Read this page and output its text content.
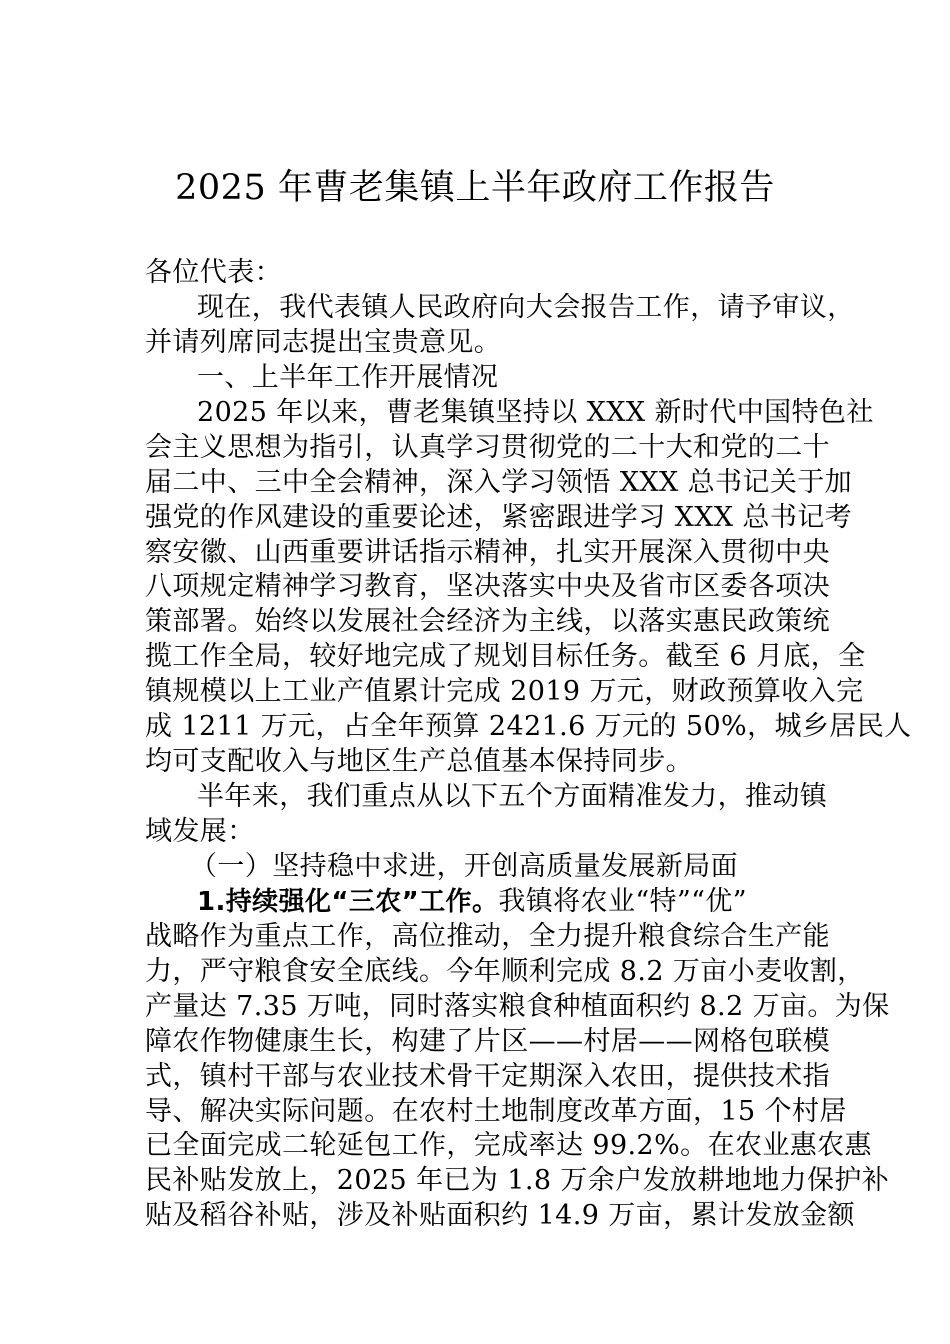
2025 年曹老集镇上半年政府工作报告
各位代表：
现在，我代表镇人民政府向大会报告工作，请予审议，
并请列席同志提出宝贵意见。
一、上半年工作开展情况
2025 年以来，曹老集镇坚持以 XXX 新时代中国特色社
会主义思想为指引，认真学习贯彻党的二十大和党的二十
届二中、三中全会精神，深入学习领悟 XXX 总书记关于加
强党的作风建设的重要论述，紧密跟进学习 XXX 总书记考
察安徽、山西重要讲话指示精神，扎实开展深入贯彻中央
八项规定精神学习教育，坚决落实中央及省市区委各项决
策部署。始终以发展社会经济为主线，以落实惠民政策统
揽工作全局，较好地完成了规划目标任务。截至 6 月底，全
镇规模以上工业产值累计完成 2019 万元，财政预算收入完
成 1211 万元，占全年预算 2421.6 万元的 50%，城乡居民人
均可支配收入与地区生产总值基本保持同步。
半年来，我们重点从以下五个方面精准发力，推动镇
域发展：
（一）坚持稳中求进，开创高质量发展新局面
1.持续强化“三农”工作。我镇将农业“特”“优”
战略作为重点工作，高位推动，全力提升粮食综合生产能
力，严守粮食安全底线。今年顺利完成 8.2 万亩小麦收割，
产量达 7.35 万吨，同时落实粮食种植面积约 8.2 万亩。为保
障农作物健康生长，构建了片区——村居——网格包联模
式，镇村干部与农业技术骨干定期深入农田，提供技术指
导、解决实际问题。在农村土地制度改革方面，15 个村居
已全面完成二轮延包工作，完成率达 99.2%。在农业惠农惠
民补贴发放上，2025 年已为 1.8 万余户发放耕地地力保护补
贴及稻谷补贴，涉及补贴面积约 14.9 万亩，累计发放金额
